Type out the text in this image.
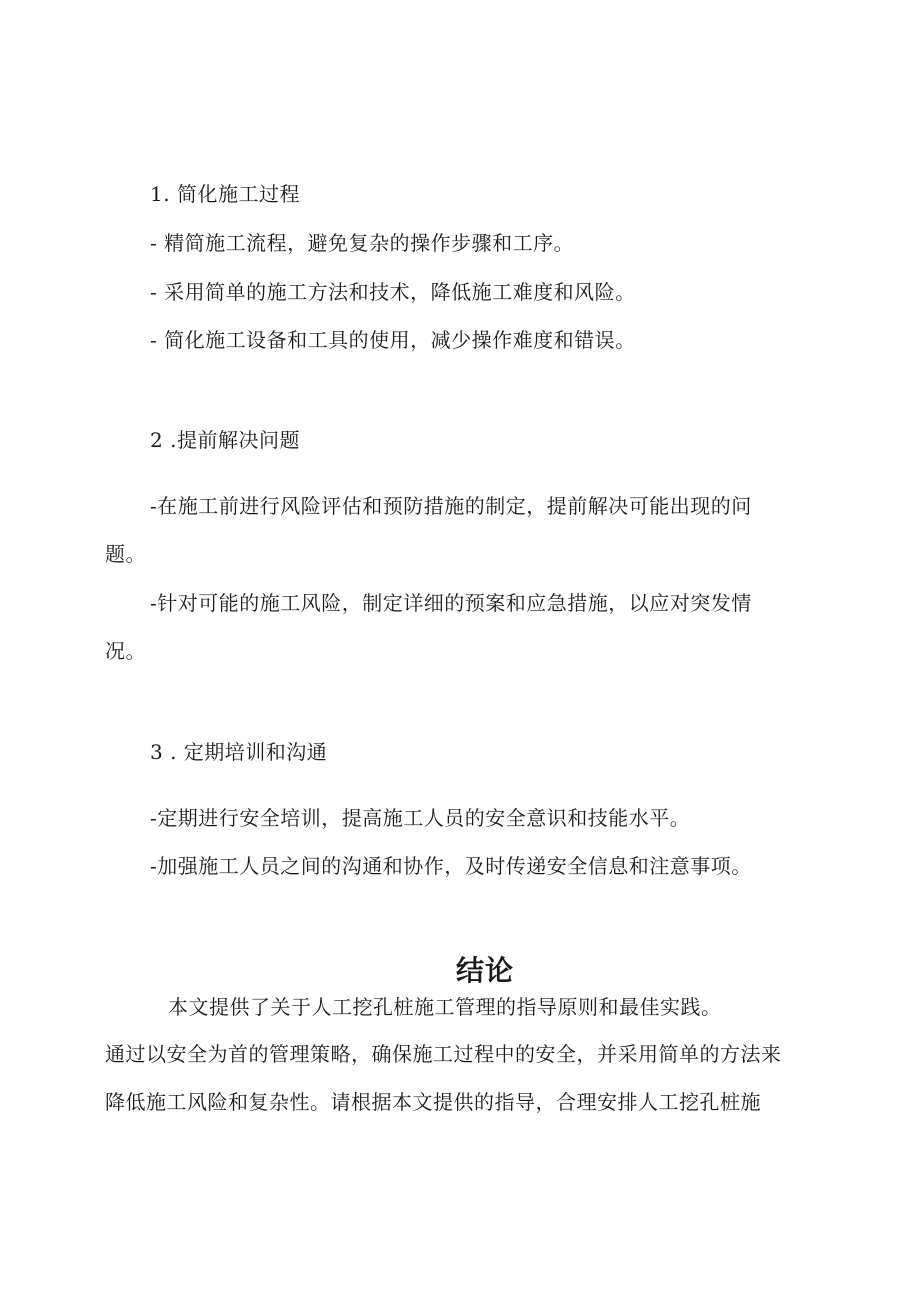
1. 简化施工过程
- 精简施工流程，避免复杂的操作步骤和工序。
- 采用简单的施工方法和技术，降低施工难度和风险。
- 简化施工设备和工具的使用，减少操作难度和错误。
2 .提前解决问题
-在施工前进行风险评估和预防措施的制定，提前解决可能出现的问
题。
-针对可能的施工风险，制定详细的预案和应急措施，以应对突发情
况。
3 . 定期培训和沟通
-定期进行安全培训，提高施工人员的安全意识和技能水平。
-加强施工人员之间的沟通和协作，及时传递安全信息和注意事项。
结论
本文提供了关于人工挖孔桩施工管理的指导原则和最佳实践。
通过以安全为首的管理策略，确保施工过程中的安全，并采用简单的方法来
降低施工风险和复杂性。请根据本文提供的指导，合理安排人工挖孔桩施
